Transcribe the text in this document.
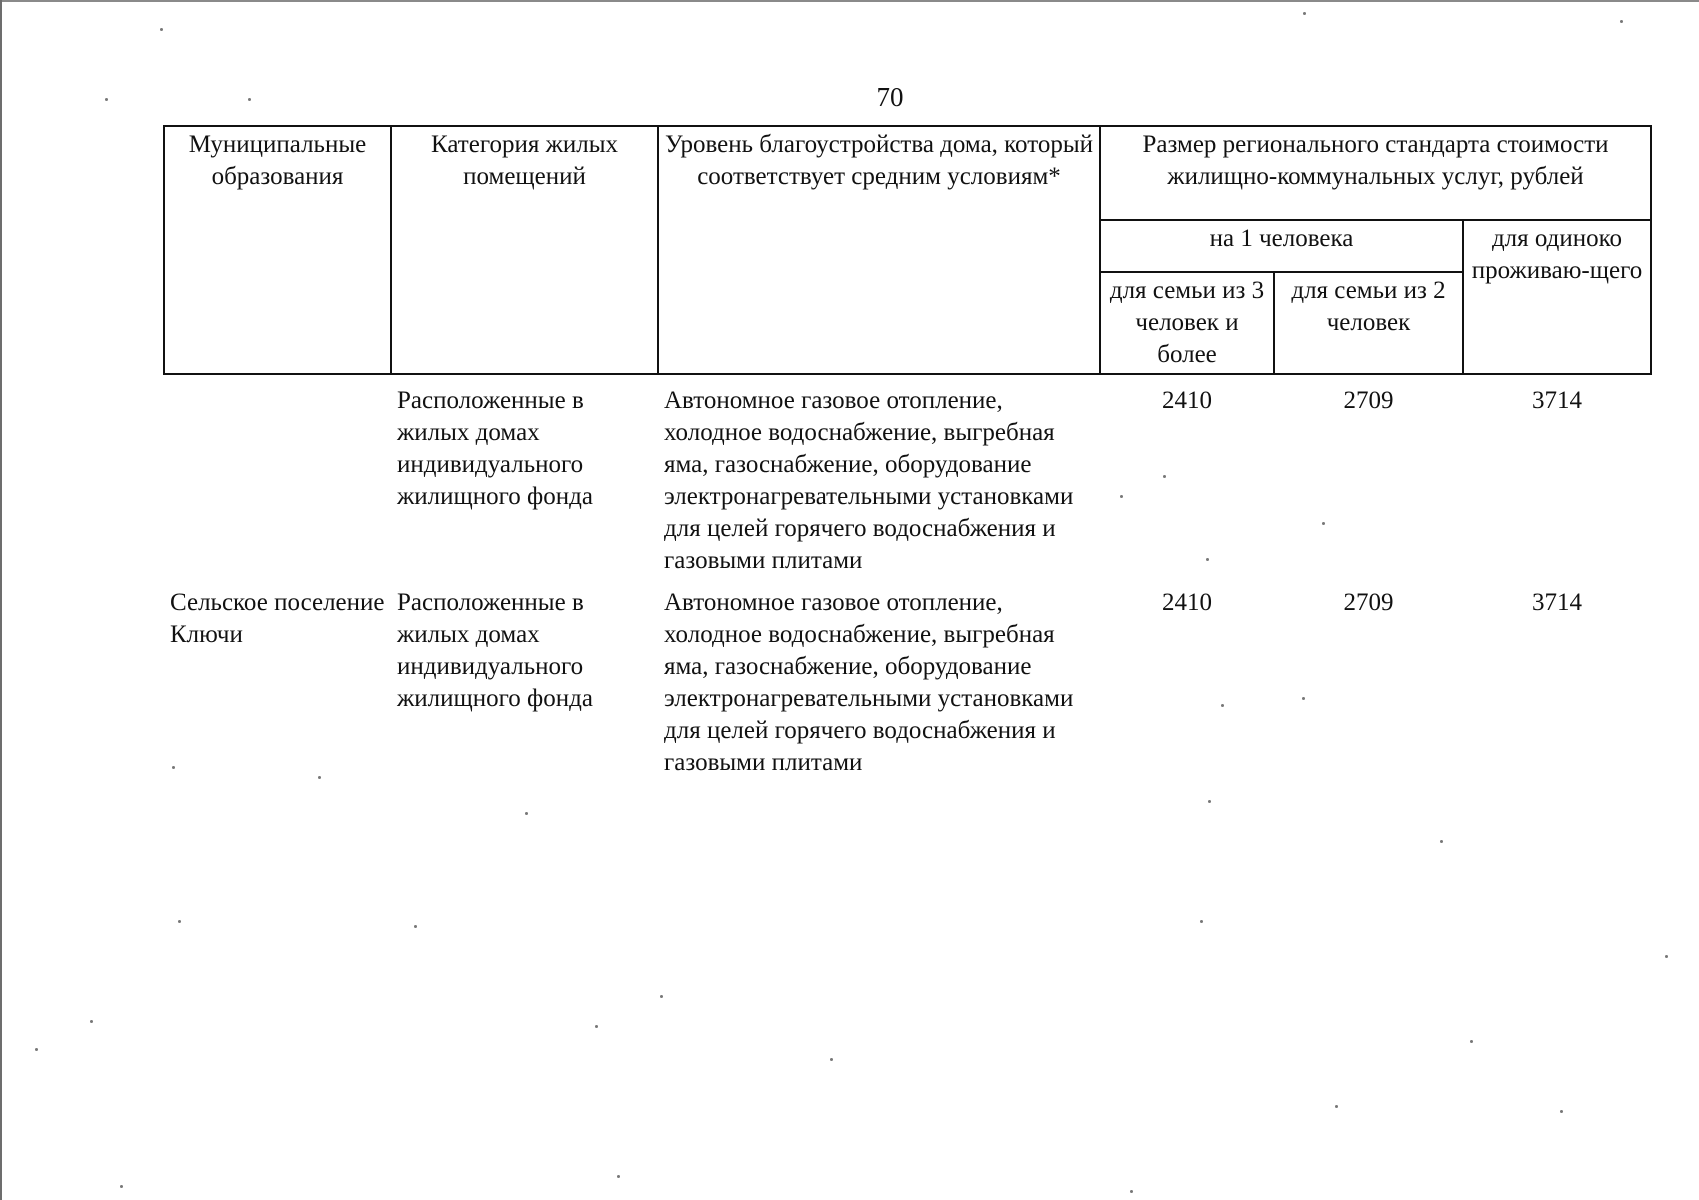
70
Муниципальные образования	Категория жилых помещений	Уровень благоустройства дома, который соответствует средним условиям*	Размер регионального стандарта стоимости жилищно-коммунальных услуг, рублей		
			на 1 человека		для одиноко проживаю-щего
			для семьи из 3 человек и более	для семьи из 2 человек	
	Расположенные в жилых домах индивидуального жилищного фонда	Автономное газовое отопление, холодное водоснабжение, выгребная яма, газоснабжение, оборудование электронагревательными установками для целей горячего водоснабжения и газовыми плитами	2410	2709	3714
Сельское поселение Ключи	Расположенные в жилых домах индивидуального жилищного фонда	Автономное газовое отопление, холодное водоснабжение, выгребная яма, газоснабжение, оборудование электронагревательными установками для целей горячего водоснабжения и газовыми плитами	2410	2709	3714
